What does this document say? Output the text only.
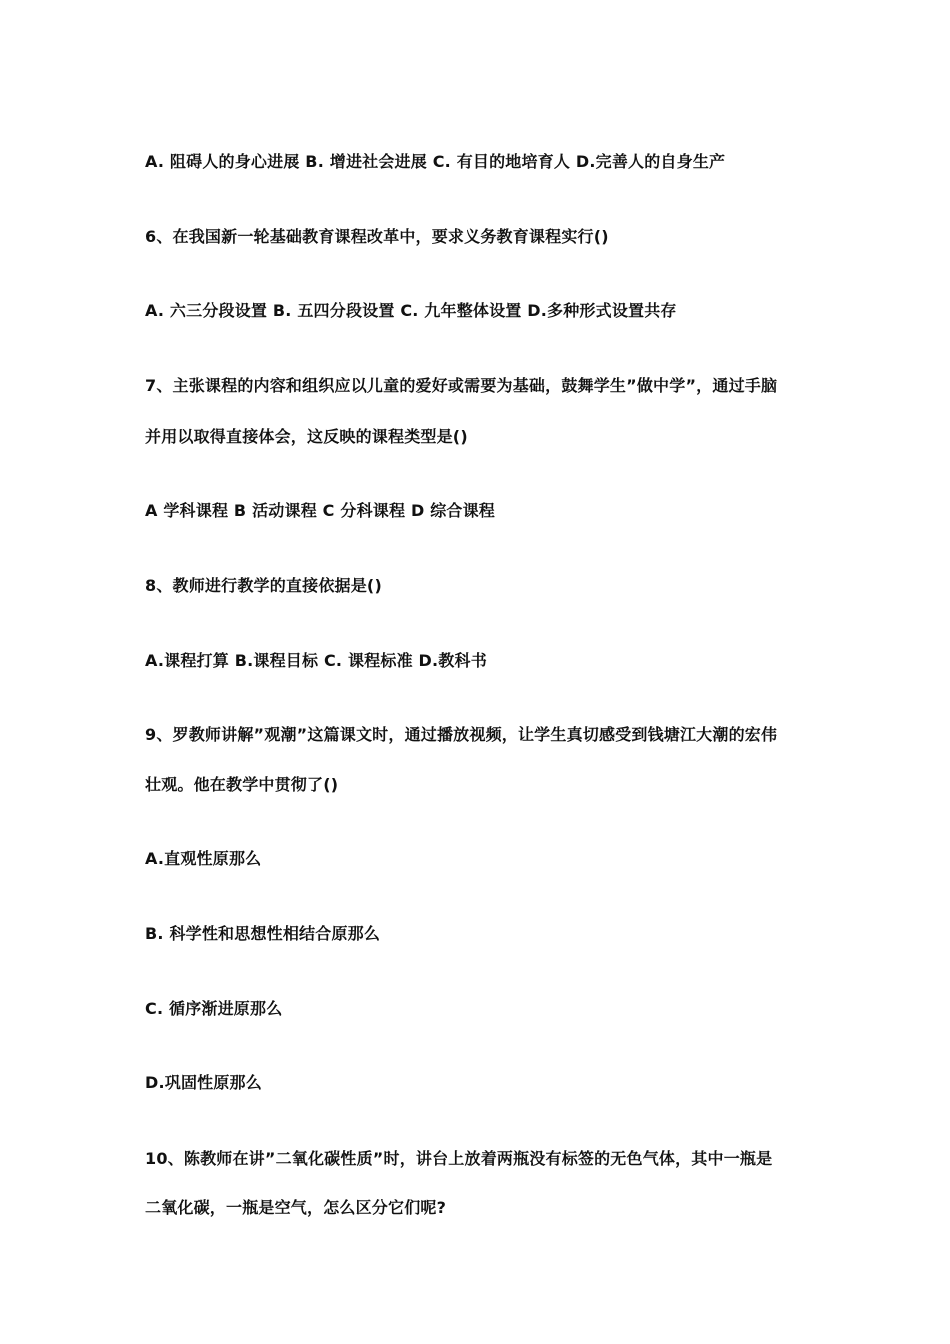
A. 阻碍人的身心进展 B. 增进社会进展 C. 有目的地培育人 D.完善人的自身生产
6、在我国新一轮基础教育课程改革中，要求义务教育课程实行()
A. 六三分段设置 B. 五四分段设置 C. 九年整体设置 D.多种形式设置共存
7、主张课程的内容和组织应以儿童的爱好或需要为基础，鼓舞学生”做中学”，通过手脑
并用以取得直接体会，这反映的课程类型是()
A 学科课程 B 活动课程 C 分科课程 D 综合课程
8、教师进行教学的直接依据是()
A.课程打算 B.课程目标 C. 课程标准 D.教科书
9、罗教师讲解”观潮”这篇课文时，通过播放视频，让学生真切感受到钱塘江大潮的宏伟
壮观。他在教学中贯彻了()
A.直观性原那么
B. 科学性和思想性相结合原那么
C. 循序渐进原那么
D.巩固性原那么
10、陈教师在讲”二氧化碳性质”时，讲台上放着两瓶没有标签的无色气体，其中一瓶是
二氧化碳，一瓶是空气，怎么区分它们呢?
